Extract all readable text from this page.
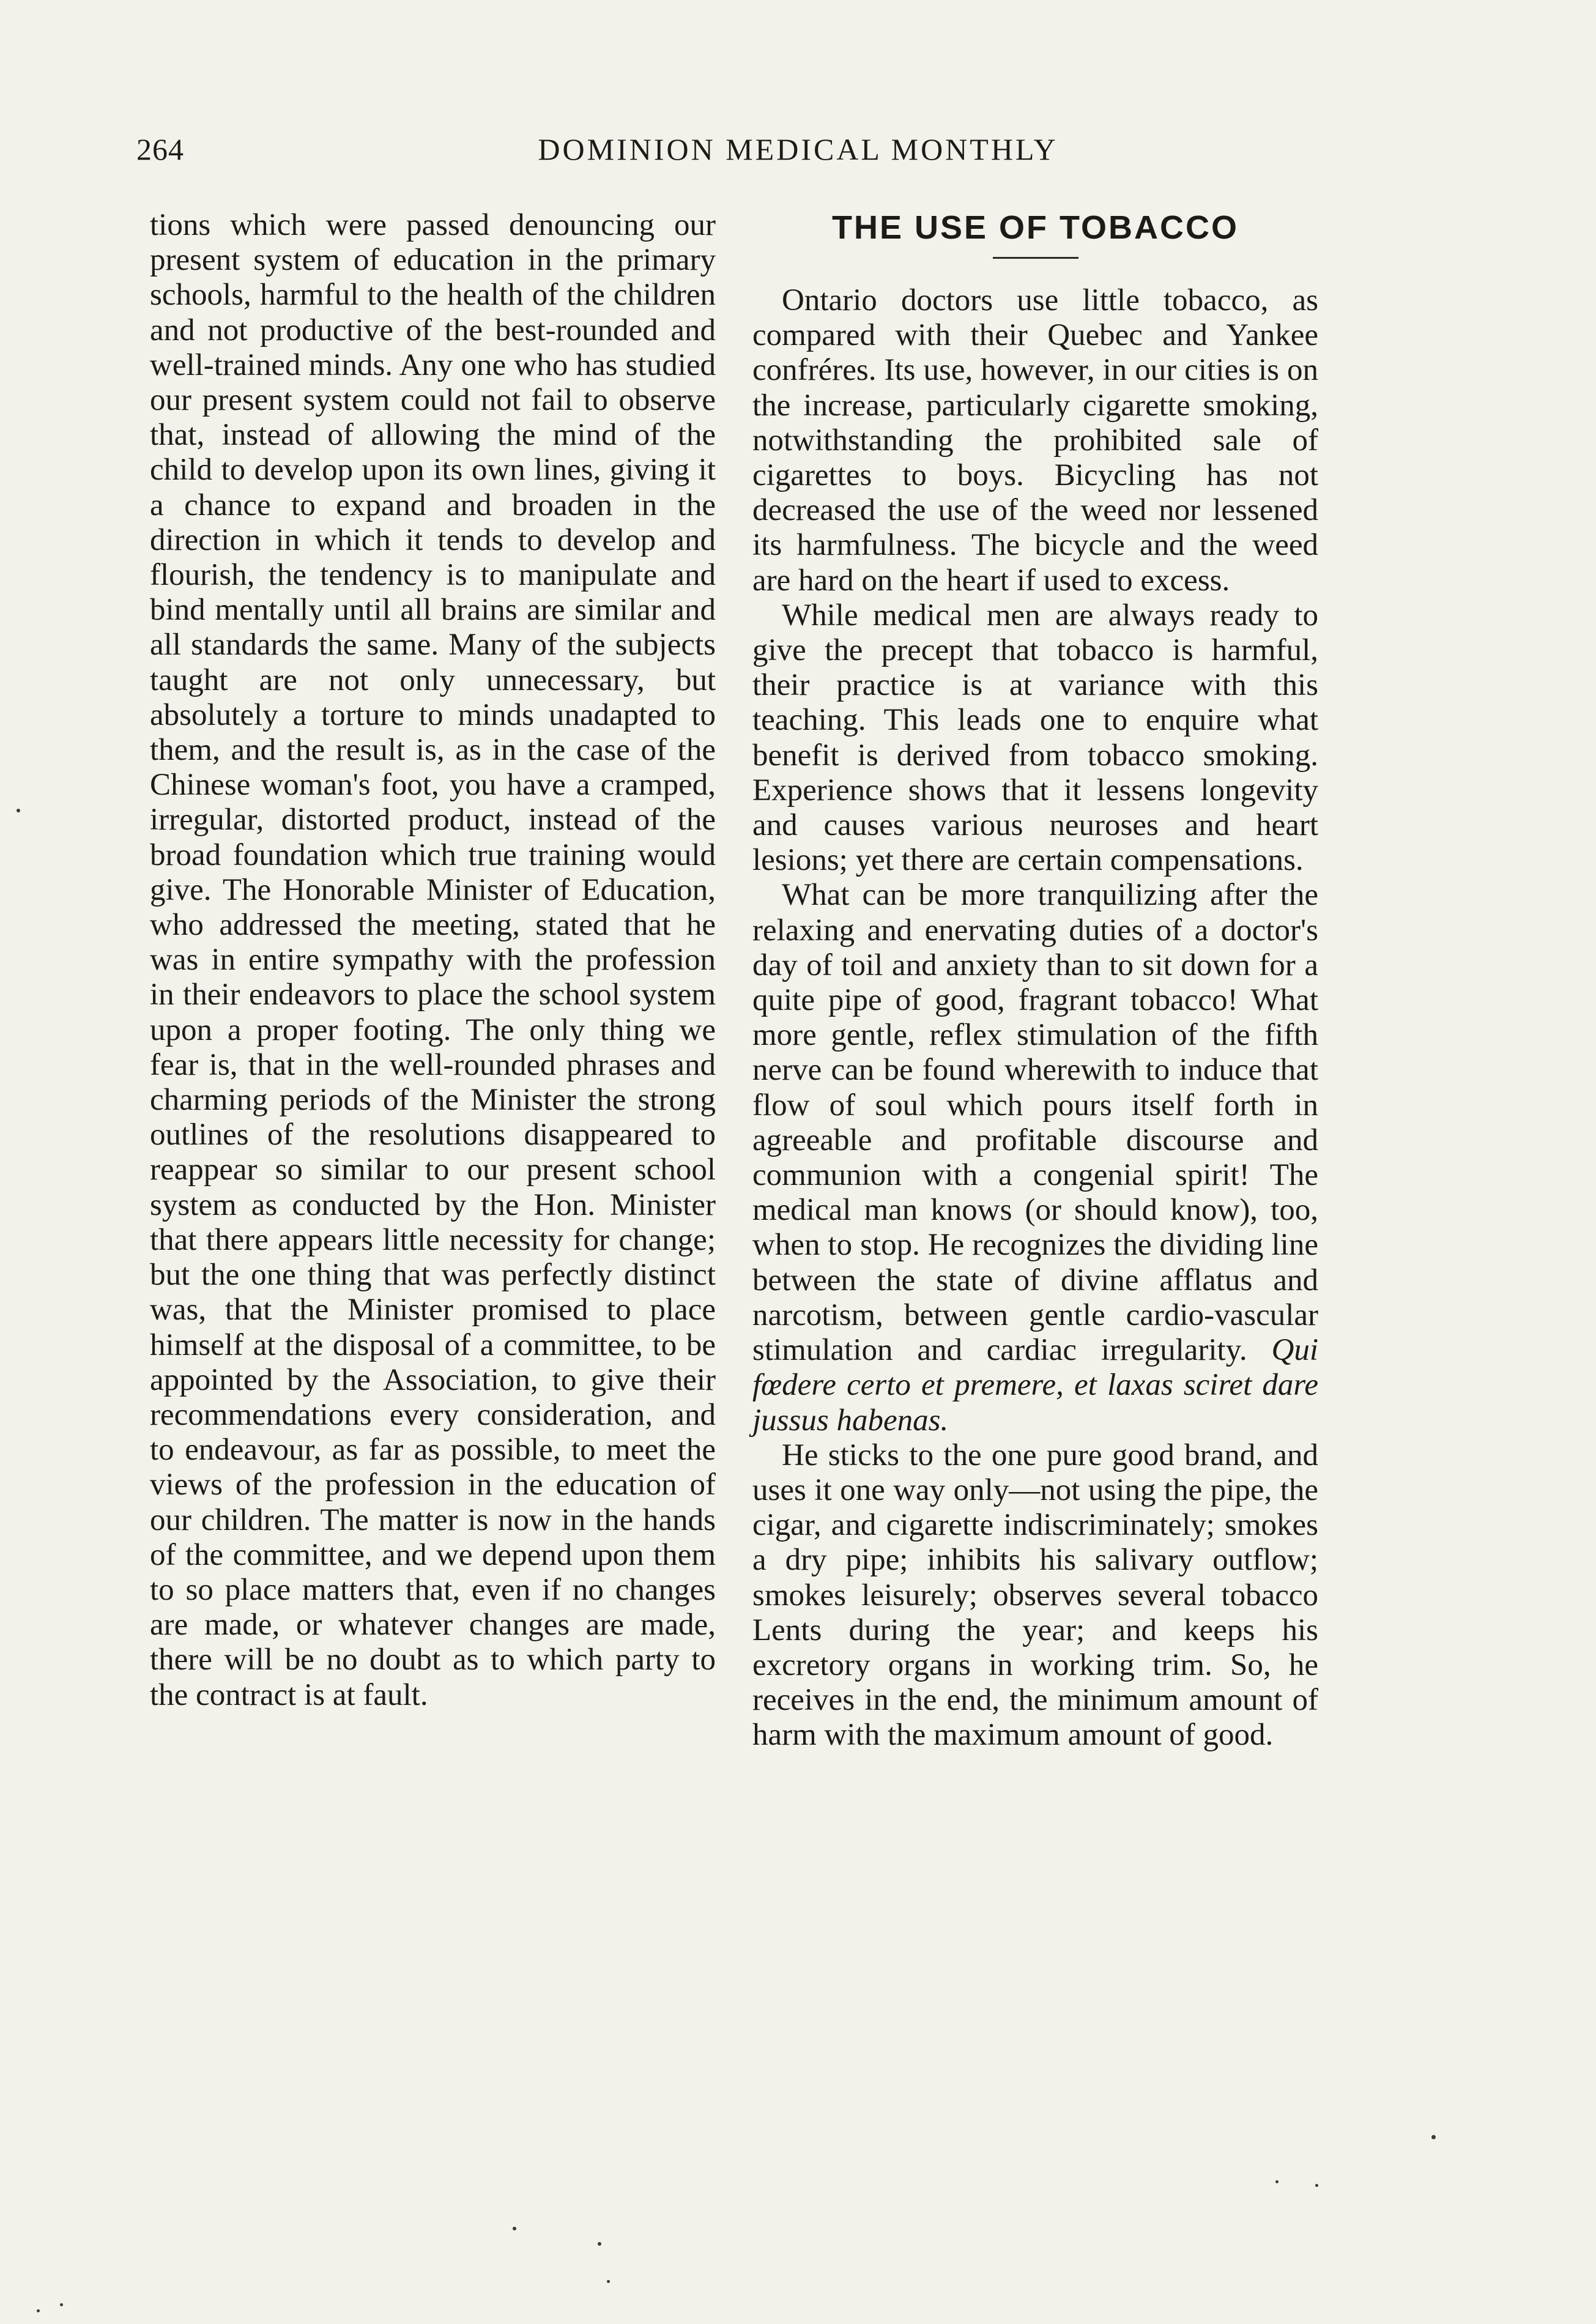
264	DOMINION MEDICAL MONTHLY

tions which were passed denouncing our present system of education in the primary schools, harmful to the health of the children and not productive of the best-rounded and well-trained minds. Any one who has studied our present system could not fail to observe that, instead of allowing the mind of the child to develop upon its own lines, giving it a chance to expand and broaden in the direction in which it tends to develop and flourish, the tendency is to manipulate and bind mentally until all brains are similar and all standards the same. Many of the subjects taught are not only unnecessary, but absolutely a torture to minds unadapted to them, and the result is, as in the case of the Chinese woman's foot, you have a cramped, irregular, distorted product, instead of the broad foundation which true training would give. The Honorable Minister of Education, who addressed the meeting, stated that he was in entire sympathy with the profession in their endeavors to place the school system upon a proper footing. The only thing we fear is, that in the well-rounded phrases and charming periods of the Minister the strong outlines of the resolutions disappeared to reappear so similar to our present school system as conducted by the Hon. Minister that there appears little necessity for change; but the one thing that was perfectly distinct was, that the Minister promised to place himself at the disposal of a committee, to be appointed by the Association, to give their recommendations every consideration, and to endeavour, as far as possible, to meet the views of the profession in the education of our children. The matter is now in the hands of the committee, and we depend upon them to so place matters that, even if no changes are made, or whatever changes are made, there will be no doubt as to which party to the contract is at fault.

THE USE OF TOBACCO

Ontario doctors use little tobacco, as compared with their Quebec and Yankee confréres. Its use, however, in our cities is on the increase, particularly cigarette smoking, notwithstanding the prohibited sale of cigarettes to boys. Bicycling has not decreased the use of the weed nor lessened its harmfulness. The bicycle and the weed are hard on the heart if used to excess.

While medical men are always ready to give the precept that tobacco is harmful, their practice is at variance with this teaching. This leads one to enquire what benefit is derived from tobacco smoking. Experience shows that it lessens longevity and causes various neuroses and heart lesions; yet there are certain compensations.

What can be more tranquilizing after the relaxing and enervating duties of a doctor's day of toil and anxiety than to sit down for a quite pipe of good, fragrant tobacco! What more gentle, reflex stimulation of the fifth nerve can be found wherewith to induce that flow of soul which pours itself forth in agreeable and profitable discourse and communion with a congenial spirit! The medical man knows (or should know), too, when to stop. He recognizes the dividing line between the state of divine afflatus and narcotism, between gentle cardio-vascular stimulation and cardiac irregularity. Qui fœdere certo et premere, et laxas sciret dare jussus habenas.

He sticks to the one pure good brand, and uses it one way only—not using the pipe, the cigar, and cigarette indiscriminately; smokes a dry pipe; inhibits his salivary outflow; smokes leisurely; observes several tobacco Lents during the year; and keeps his excretory organs in working trim. So, he receives in the end, the minimum amount of harm with the maximum amount of good.
